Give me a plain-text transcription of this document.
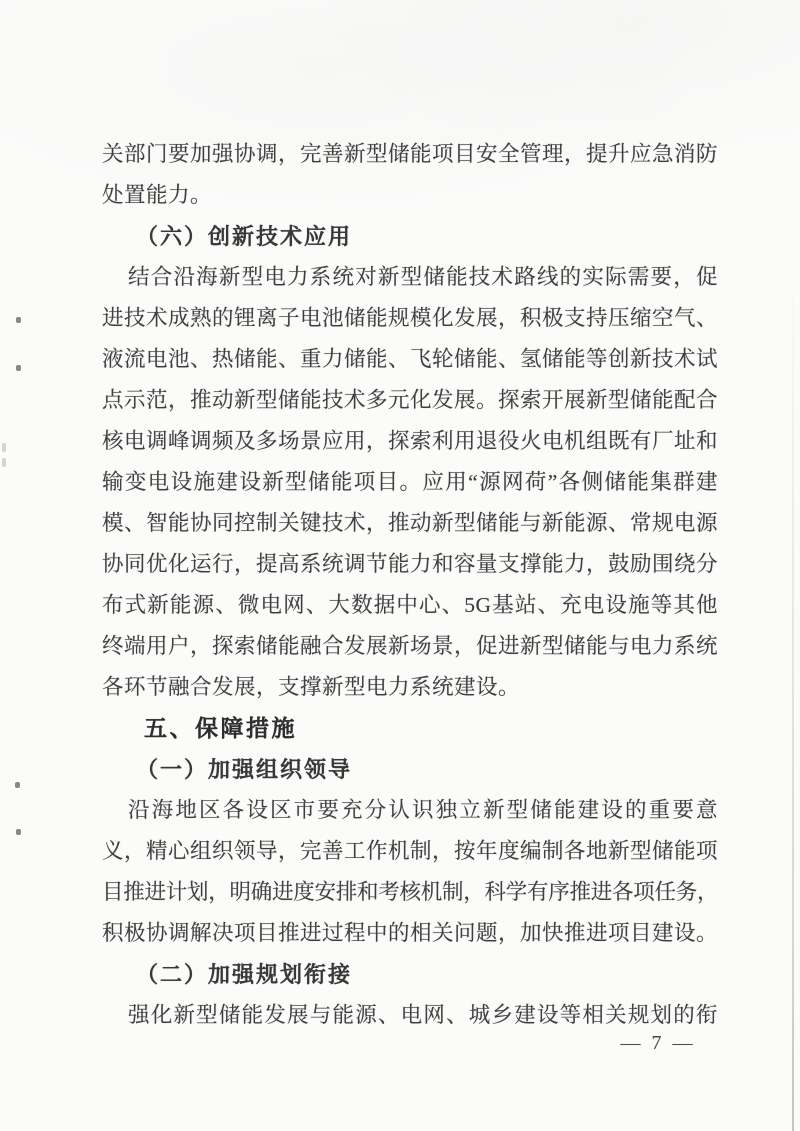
关部门要加强协调，完善新型储能项目安全管理，提升应急消防
处置能力。
（六）创新技术应用
结合沿海新型电力系统对新型储能技术路线的实际需要，促
进技术成熟的锂离子电池储能规模化发展，积极支持压缩空气、
液流电池、热储能、重力储能、飞轮储能、氢储能等创新技术试
点示范，推动新型储能技术多元化发展。探索开展新型储能配合
核电调峰调频及多场景应用，探索利用退役火电机组既有厂址和
输变电设施建设新型储能项目。应用“源网荷”各侧储能集群建
模、智能协同控制关键技术，推动新型储能与新能源、常规电源
协同优化运行，提高系统调节能力和容量支撑能力，鼓励围绕分
布式新能源、微电网、大数据中心、5G基站、充电设施等其他
终端用户，探索储能融合发展新场景，促进新型储能与电力系统
各环节融合发展，支撑新型电力系统建设。
五、保障措施
（一）加强组织领导
沿海地区各设区市要充分认识独立新型储能建设的重要意
义，精心组织领导，完善工作机制，按年度编制各地新型储能项
目推进计划，明确进度安排和考核机制，科学有序推进各项任务，
积极协调解决项目推进过程中的相关问题，加快推进项目建设。
（二）加强规划衔接
强化新型储能发展与能源、电网、城乡建设等相关规划的衔
— 7 —
